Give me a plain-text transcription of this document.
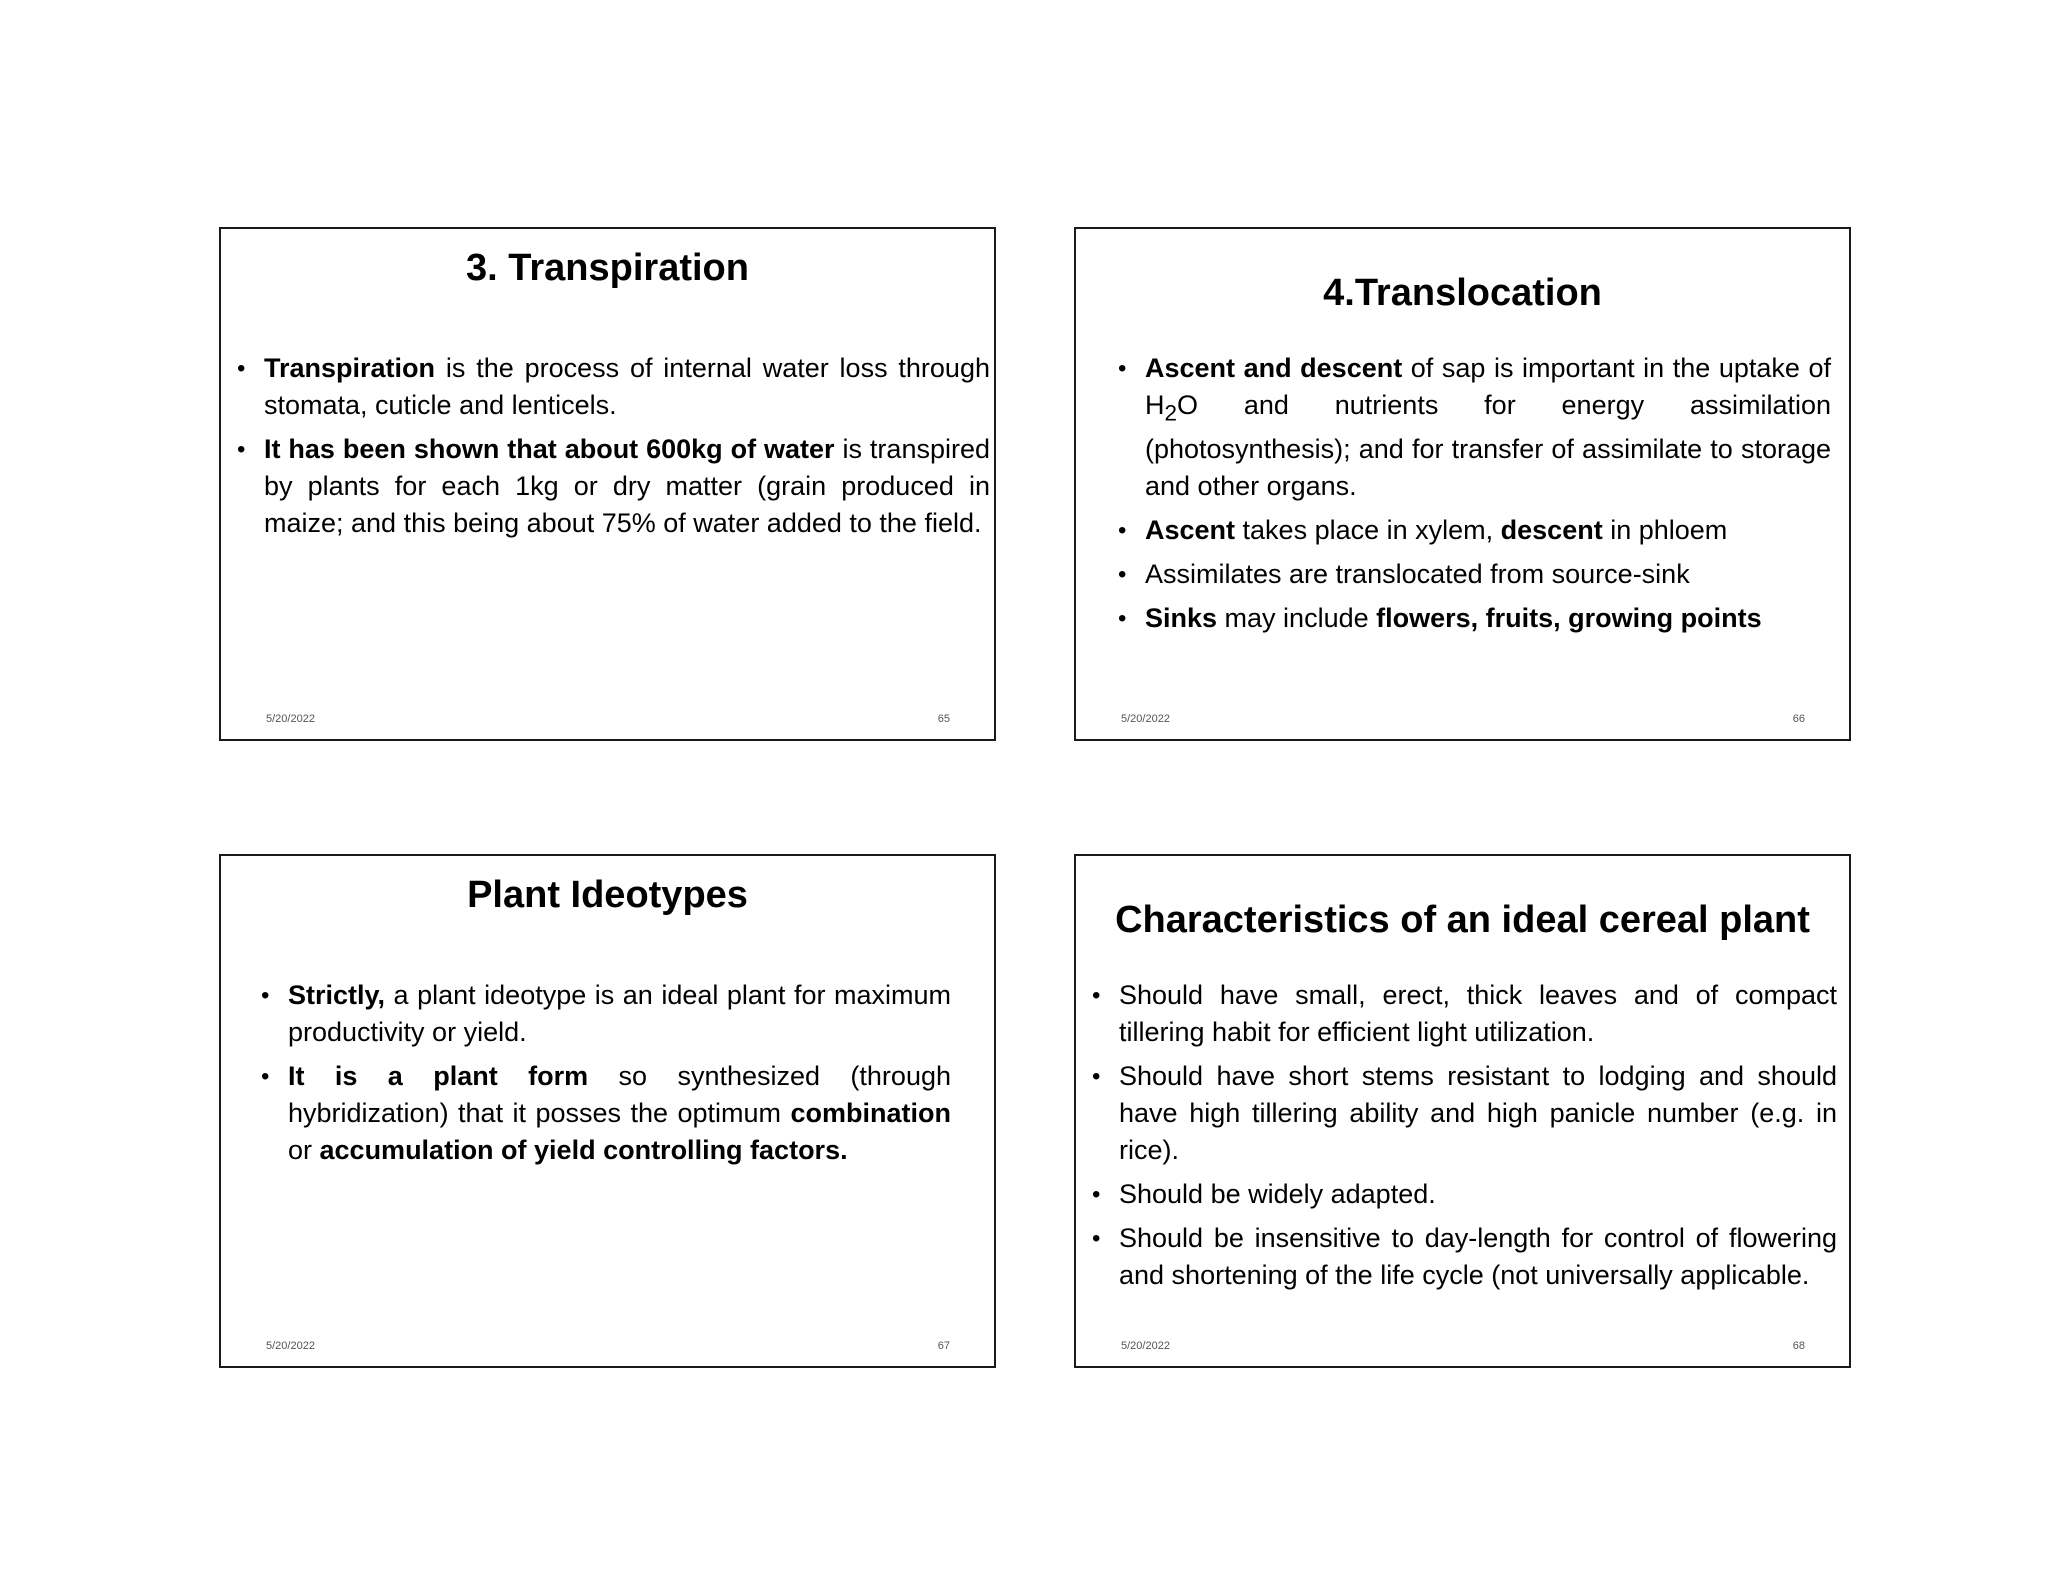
3. Transpiration

• Transpiration is the process of internal water loss through stomata, cuticle and lenticels.

• It has been shown that about 600kg of water is transpired by plants for each 1kg or dry matter (grain produced in maize; and this being about 75% of water added to the field.

5/20/2022	65
4.Translocation

• Ascent and descent of sap is important in the uptake of $H_2O$ and nutrients for energy assimilation (photosynthesis); and for transfer of assimilate to storage and other organs.

• Ascent takes place in xylem, descent in phloem

• Assimilates are translocated from source-sink

• Sinks may include flowers, fruits, growing points

5/20/2022	66
Plant Ideotypes

• Strictly, a plant ideotype is an ideal plant for maximum productivity or yield.

• It is a plant form so synthesized (through hybridization) that it posses the optimum combination or accumulation of yield controlling factors.

5/20/2022	67
Characteristics of an ideal cereal plant

• Should have small, erect, thick leaves and of compact tillering habit for efficient light utilization.

• Should have short stems resistant to lodging and should have high tillering ability and high panicle number (e.g. in rice).

• Should be widely adapted.

• Should be insensitive to day-length for control of flowering and shortening of the life cycle (not universally applicable.

5/20/2022	68
